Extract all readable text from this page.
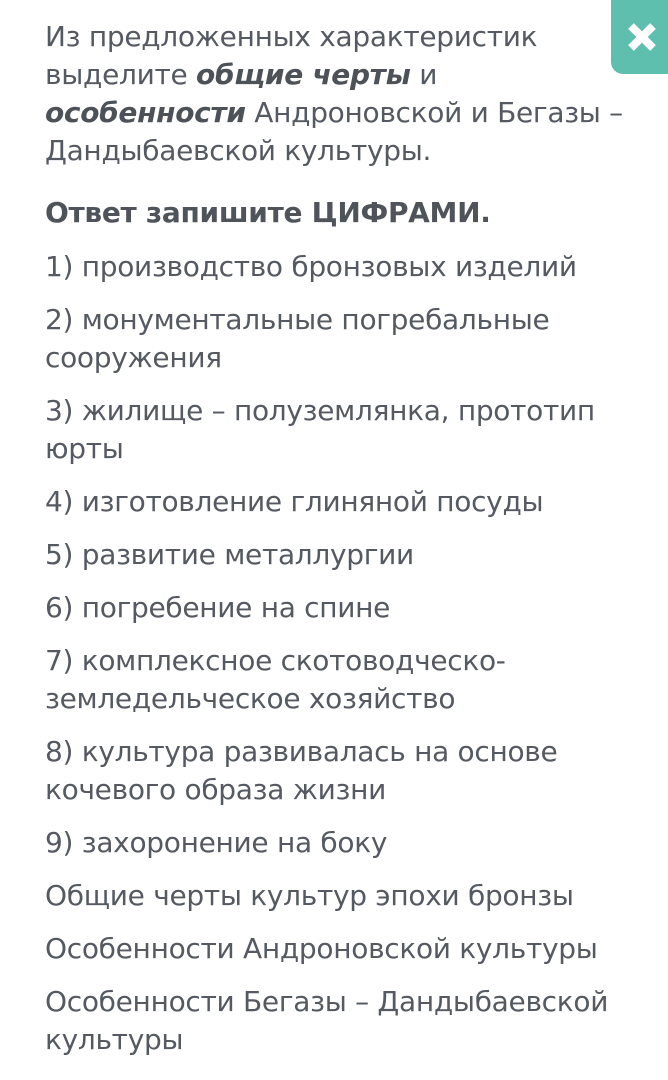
Из предложенных характеристик выделите общие черты и особенности Андроновской и Бегазы – Дандыбаевской культуры.

Ответ запишите ЦИФРАМИ.

1) производство бронзовых изделий
2) монументальные погребальные сооружения
3) жилище – полуземлянка, прототип юрты
4) изготовление глиняной посуды
5) развитие металлургии
6) погребение на спине
7) комплексное скотоводческо-земледельческое хозяйство
8) культура развивалась на основе кочевого образа жизни
9) захоронение на боку
Общие черты культур эпохи бронзы
Особенности Андроновской культуры
Особенности Бегазы – Дандыбаевской культуры
